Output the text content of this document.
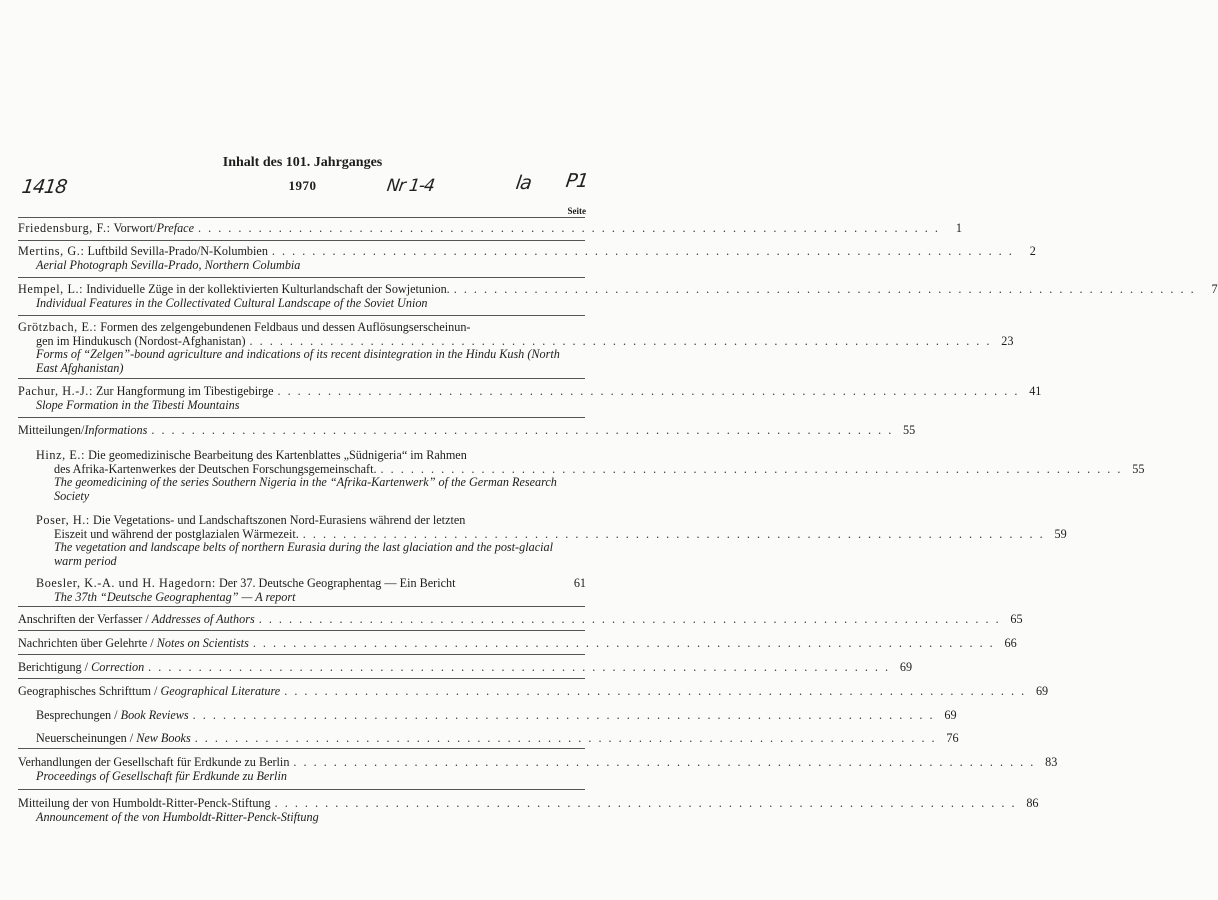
1418	Nr 1-4	la P1
Inhalt des 101. Jahrganges
1970
Seite
Friedensburg, F.: Vorwort/Preface . . .	1
Mertins, G.: Luftbild Sevilla-Prado/N-Kolumbien . . .	2
Aerial Photograph Sevilla-Prado, Northern Columbia
Hempel, L.: Individuelle Züge in der kollektivierten Kulturlandschaft der Sowjetunion. . . .	7
Individual Features in the Collectivated Cultural Landscape of the Soviet Union
Grötzbach, E.: Formen des zelgengebundenen Feldbaus und dessen Auflösungserscheinun-
gen im Hindukusch (Nordost-Afghanistan) . . .	23
Forms of “Zelgen”-bound agriculture and indications of its recent disintegration in the Hindu Kush (North East Afghanistan)
Pachur, H.-J.: Zur Hangformung im Tibestigebirge . . .	41
Slope Formation in the Tibesti Mountains
Mitteilungen/Informations . . .	55
Hinz, E.: Die geomedizinische Bearbeitung des Kartenblattes „Südnigeria“ im Rahmen
des Afrika-Kartenwerkes der Deutschen Forschungsgemeinschaft. . . .	55
The geomedicining of the series Southern Nigeria in the “Afrika-Kartenwerk” of the German Research Society
Poser, H.: Die Vegetations- und Landschaftszonen Nord-Eurasiens während der letzten
Eiszeit und während der postglazialen Wärmezeit. . . .	59
The vegetation and landscape belts of northern Eurasia during the last glaciation and the post-glacial warm period
Boesler, K.-A. und H. Hagedorn: Der 37. Deutsche Geographentag — Ein Bericht	61
The 37th “Deutsche Geographentag” — A report
Anschriften der Verfasser / Addresses of Authors . . .	65
Nachrichten über Gelehrte / Notes on Scientists . . .	66
Berichtigung / Correction . . .	69
Geographisches Schrifttum / Geographical Literature . . .	69
Besprechungen / Book Reviews . . .	69
Neuerscheinungen / New Books . . .	76
Verhandlungen der Gesellschaft für Erdkunde zu Berlin . . .	83
Proceedings of Gesellschaft für Erdkunde zu Berlin
Mitteilung der von Humboldt-Ritter-Penck-Stiftung . . .	86
Announcement of the von Humboldt-Ritter-Penck-Stiftung
